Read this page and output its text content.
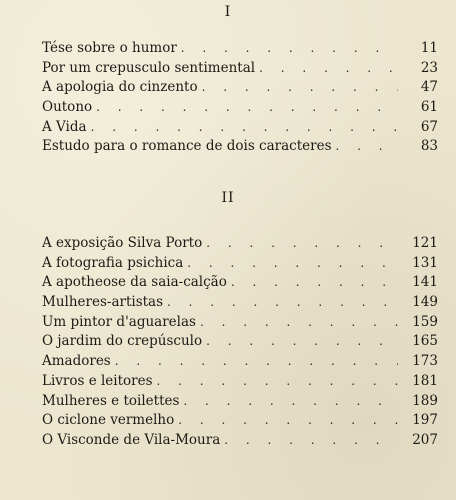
I
Tése sobre o humor . . .	11
Por um crepusculo sentimental . . .	23
A apologia do cinzento . . .	47
Outono . . .	61
A Vida . . .	67
Estudo para o romance de dois caracteres . . .	83
II
A exposição Silva Porto . . .	121
A fotografia psichica . . .	131
A apotheose da saia-calção . . .	141
Mulheres-artistas . . .	149
Um pintor d'aguarelas . . .	159
O jardim do crepúsculo . . .	165
Amadores . . .	173
Livros e leitores . . .	181
Mulheres e toilettes . . .	189
O ciclone vermelho . . .	197
O Visconde de Vila-Moura . . .	207
